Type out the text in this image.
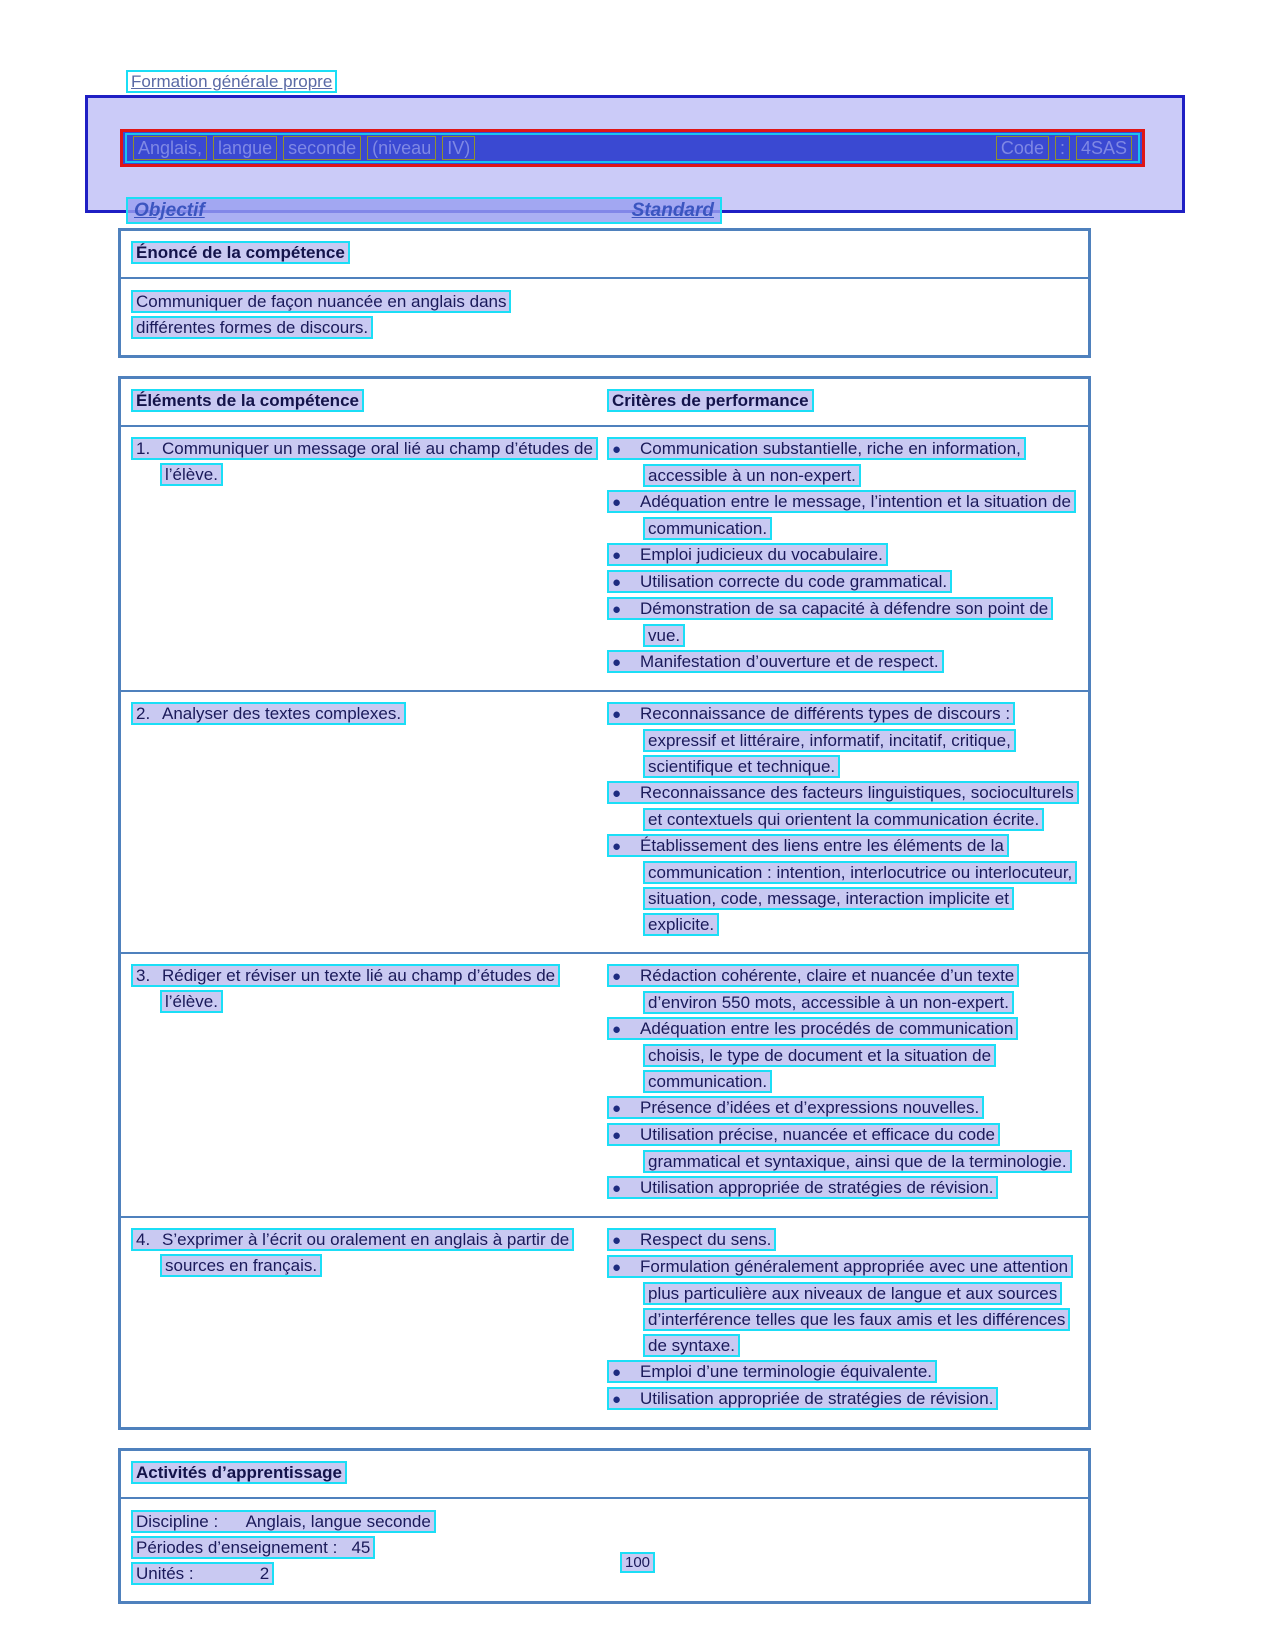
Formation générale propre
Anglais, langue seconde (niveau IV)	Code : 4SAS
Objectif	Standard
Énoncé de la compétence
Communiquer de façon nuancée en anglais dans différentes formes de discours.
Éléments de la compétence	Critères de performance
1. Communiquer un message oral lié au champ d’études de l’élève.
● Communication substantielle, riche en information, accessible à un non-expert.
● Adéquation entre le message, l’intention et la situation de communication.
● Emploi judicieux du vocabulaire.
● Utilisation correcte du code grammatical.
● Démonstration de sa capacité à défendre son point de vue.
● Manifestation d’ouverture et de respect.
2. Analyser des textes complexes.	● Reconnaissance de différents types de discours : expressif et littéraire, informatif, incitatif, critique, scientifique et technique.
● Reconnaissance des facteurs linguistiques, socioculturels et contextuels qui orientent la communication écrite.
● Établissement des liens entre les éléments de la communication : intention, interlocutrice ou interlocuteur, situation, code, message, interaction implicite et explicite.
3. Rédiger et réviser un texte lié au champ d’études de l’élève.
● Rédaction cohérente, claire et nuancée d’un texte d’environ 550 mots, accessible à un non-expert.
● Adéquation entre les procédés de communication choisis, le type de document et la situation de communication.
● Présence d’idées et d’expressions nouvelles.
● Utilisation précise, nuancée et efficace du code grammatical et syntaxique, ainsi que de la terminologie.
● Utilisation appropriée de stratégies de révision.
4. S’exprimer à l’écrit ou oralement en anglais à partir de sources en français.
● Respect du sens.
● Formulation généralement appropriée avec une attention plus particulière aux niveaux de langue et aux sources d’interférence telles que les faux amis et les différences de syntaxe.
● Emploi d’une terminologie équivalente.
● Utilisation appropriée de stratégies de révision.
Activités d’apprentissage
Discipline :      Anglais, langue seconde
Périodes d’enseignement :   45
Unités :              2
100
